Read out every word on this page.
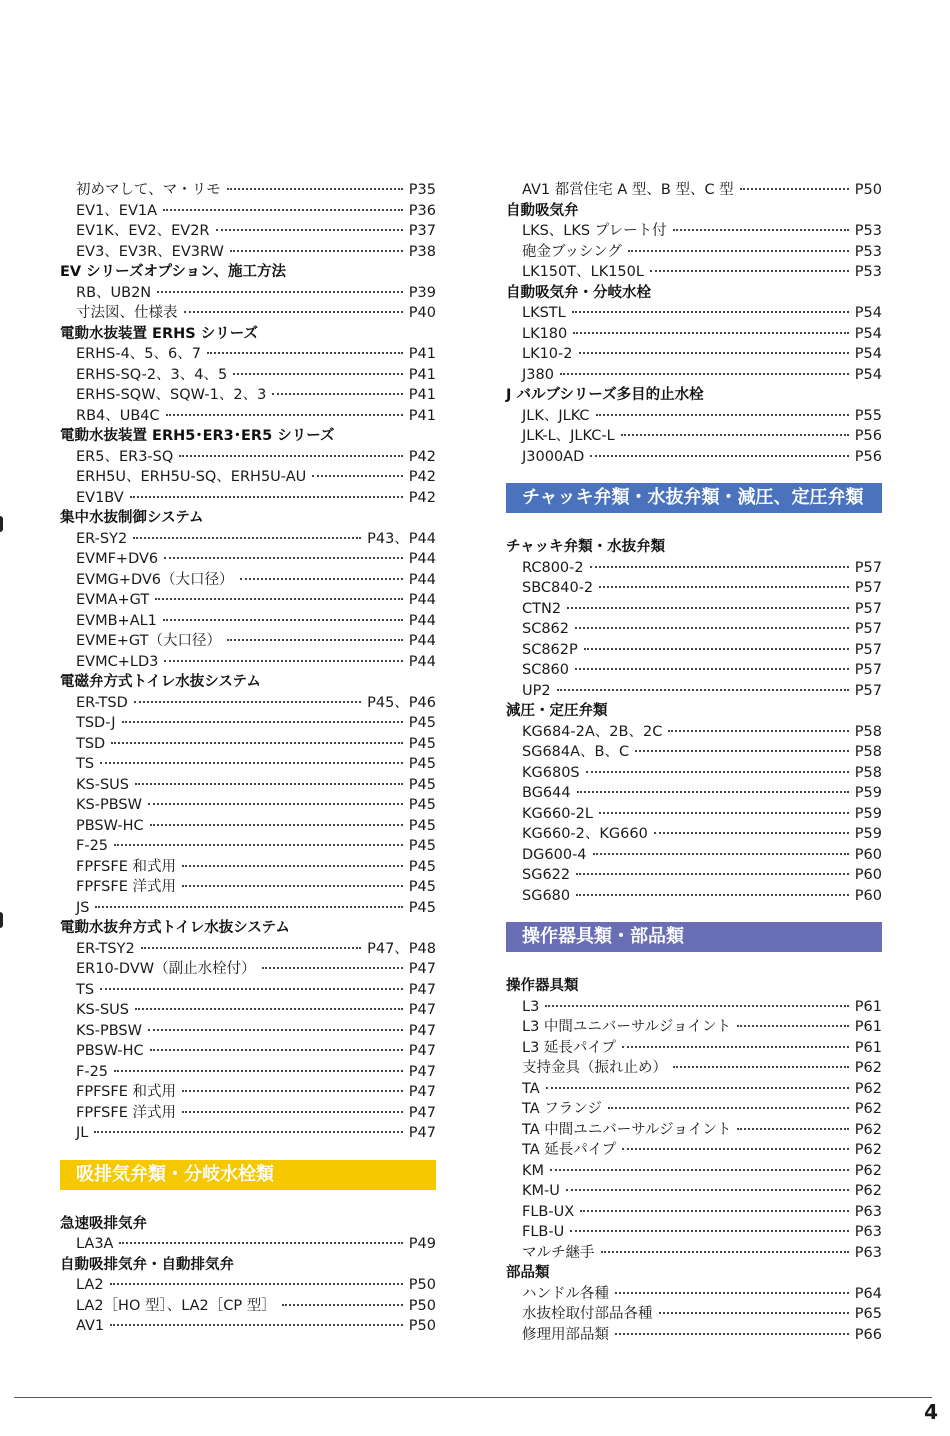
初めマして、マ・リモ	P35
EV1、EV1A	P36
EV1K、EV2、EV2R	P37
EV3、EV3R、EV3RW	P38
EV シリーズオプション、施工方法
RB、UB2N	P39
寸法図、仕様表	P40
電動水抜装置 ERHS シリーズ
ERHS-4、5、6、7	P41
ERHS-SQ-2、3、4、5	P41
ERHS-SQW、SQW-1、2、3	P41
RB4、UB4C	P41
電動水抜装置 ERH5･ER3･ER5 シリーズ
ER5、ER3-SQ	P42
ERH5U、ERH5U-SQ、ERH5U-AU	P42
EV1BV	P42
集中水抜制御システム
ER-SY2	P43、P44
EVMF+DV6	P44
EVMG+DV6（大口径）	P44
EVMA+GT	P44
EVMB+AL1	P44
EVME+GT（大口径）	P44
EVMC+LD3	P44
電磁弁方式トイレ水抜システム
ER-TSD	P45、P46
TSD-J	P45
TSD	P45
TS	P45
KS-SUS	P45
KS-PBSW	P45
PBSW-HC	P45
F-25	P45
FPFSFE 和式用	P45
FPFSFE 洋式用	P45
JS	P45
電動水抜弁方式トイレ水抜システム
ER-TSY2	P47、P48
ER10-DVW（副止水栓付）	P47
TS	P47
KS-SUS	P47
KS-PBSW	P47
PBSW-HC	P47
F-25	P47
FPFSFE 和式用	P47
FPFSFE 洋式用	P47
JL	P47
吸排気弁類・分岐水栓類
急速吸排気弁
LA3A	P49
自動吸排気弁・自動排気弁
LA2	P50
LA2［HO 型］、LA2［CP 型］	P50
AV1	P50
AV1 都営住宅 A 型、B 型、C 型	P50
自動吸気弁
LKS、LKS プレート付	P53
砲金ブッシング	P53
LK150T、LK150L	P53
自動吸気弁・分岐水栓
LKSTL	P54
LK180	P54
LK10-2	P54
J380	P54
J バルブシリーズ多目的止水栓
JLK、JLKC	P55
JLK-L、JLKC-L	P56
J3000AD	P56
チャッキ弁類・水抜弁類・減圧、定圧弁類
チャッキ弁類・水抜弁類
RC800-2	P57
SBC840-2	P57
CTN2	P57
SC862	P57
SC862P	P57
SC860	P57
UP2	P57
減圧・定圧弁類
KG684-2A、2B、2C	P58
SG684A、B、C	P58
KG680S	P58
BG644	P59
KG660-2L	P59
KG660-2、KG660	P59
DG600-4	P60
SG622	P60
SG680	P60
操作器具類・部品類
操作器具類
L3	P61
L3 中間ユニバーサルジョイント	P61
L3 延長パイプ	P61
支持金具（振れ止め）	P62
TA	P62
TA フランジ	P62
TA 中間ユニバーサルジョイント	P62
TA 延長パイプ	P62
KM	P62
KM-U	P62
FLB-UX	P63
FLB-U	P63
マルチ継手	P63
部品類
ハンドル各種	P64
水抜栓取付部品各種	P65
修理用部品類	P66
4
